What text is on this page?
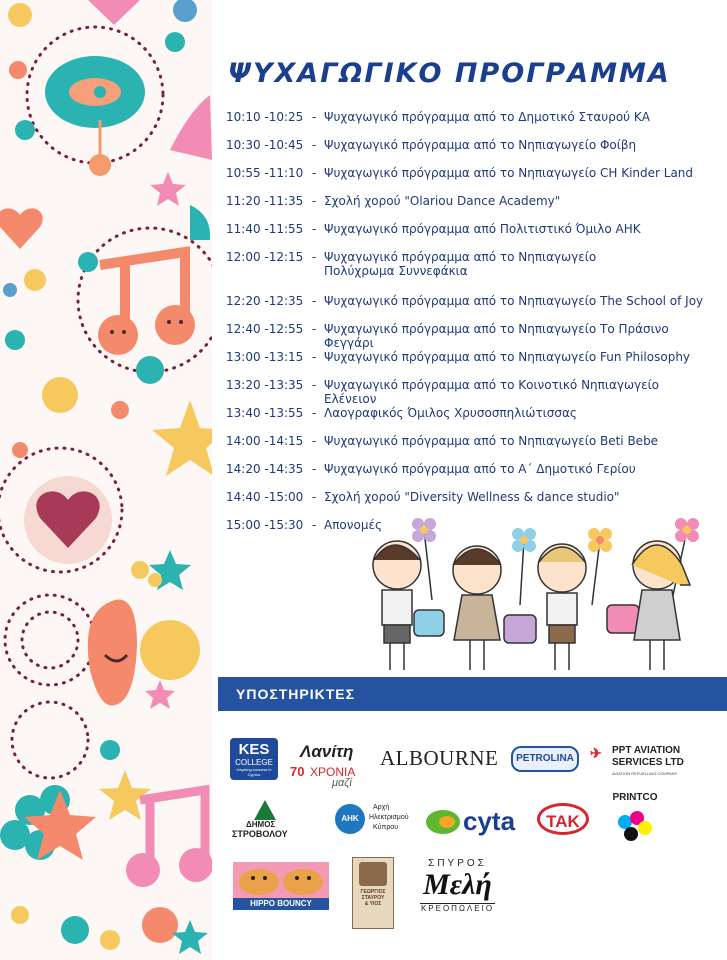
ΨΥΧΑΓΩΓΙΚΟ ΠΡΟΓΡΑΜΜΑ
10:10 -10:25 - Ψυχαγωγικό πρόγραμμα από το Δημοτικό Σταυρού ΚΑ
10:30 -10:45 - Ψυχαγωγικό πρόγραμμα από το Νηπιαγωγείο Φοίβη
10:55 -11:10 - Ψυχαγωγικό πρόγραμμα από το Νηπιαγωγείο CH Kinder Land
11:20 -11:35 - Σχολή χορού "Olariou Dance Academy"
11:40 -11:55 - Ψυχαγωγικό πρόγραμμα από Πολιτιστικό Όμιλο ΑΗΚ
12:00 -12:15 - Ψυχαγωγικό πρόγραμμα από το Νηπιαγωγείο
Πολύχρωμα Συννεφάκια
12:20 -12:35 - Ψυχαγωγικό πρόγραμμα από το Νηπιαγωγείο The School of Joy
12:40 -12:55 - Ψυχαγωγικό πρόγραμμα από το Νηπιαγωγείο Το Πράσινο Φεγγάρι
13:00 -13:15 - Ψυχαγωγικό πρόγραμμα από το Νηπιαγωγείο Fun Philosophy
13:20 -13:35 - Ψυχαγωγικό πρόγραμμα από το Κοινοτικό Νηπιαγωγείο Ελένειον
13:40 -13:55 - Λαογραφικός Όμιλος Χρυσοσπηλιώτισσας
14:00 -14:15 - Ψυχαγωγικό πρόγραμμα από το Νηπιαγωγείο Beti Bebe
14:20 -14:35 - Ψυχαγωγικό πρόγραμμα από το Α΄ Δημοτικό Γερίου
14:40 -15:00 - Σχολή χορού "Diversity Wellness & dance studio"
15:00 -15:30 - Απονομές
ΥΠΟΣΤΗΡΙΚΤΕΣ
KES
COLLEGE
Inspiring success in Cyprus
Λανίτη
70 ΧΡΟΝΙΑ
μαζί
ALBOURNE	PETROLINA	✈ PPT AVIATION
SERVICES LTD
AVIATION REFUELLING COMPANY
ΔΗΜΟΣ
ΣΤΡΟΒΟΛΟΥ
ΑΗΚ
Αρχή
Ηλεκτρισμού
Κύπρου cyta	ΤΑΚ
PRINTCO
HIPPO BOUNCY
ΓΕΩΡΓΙΟΣ
ΣΤΑΥΡΟΥ
& ΥΙΟΣ
ΣΠΥΡΟΣ
Μελή
ΚΡΕΟΠΩΛΕΙΟ
